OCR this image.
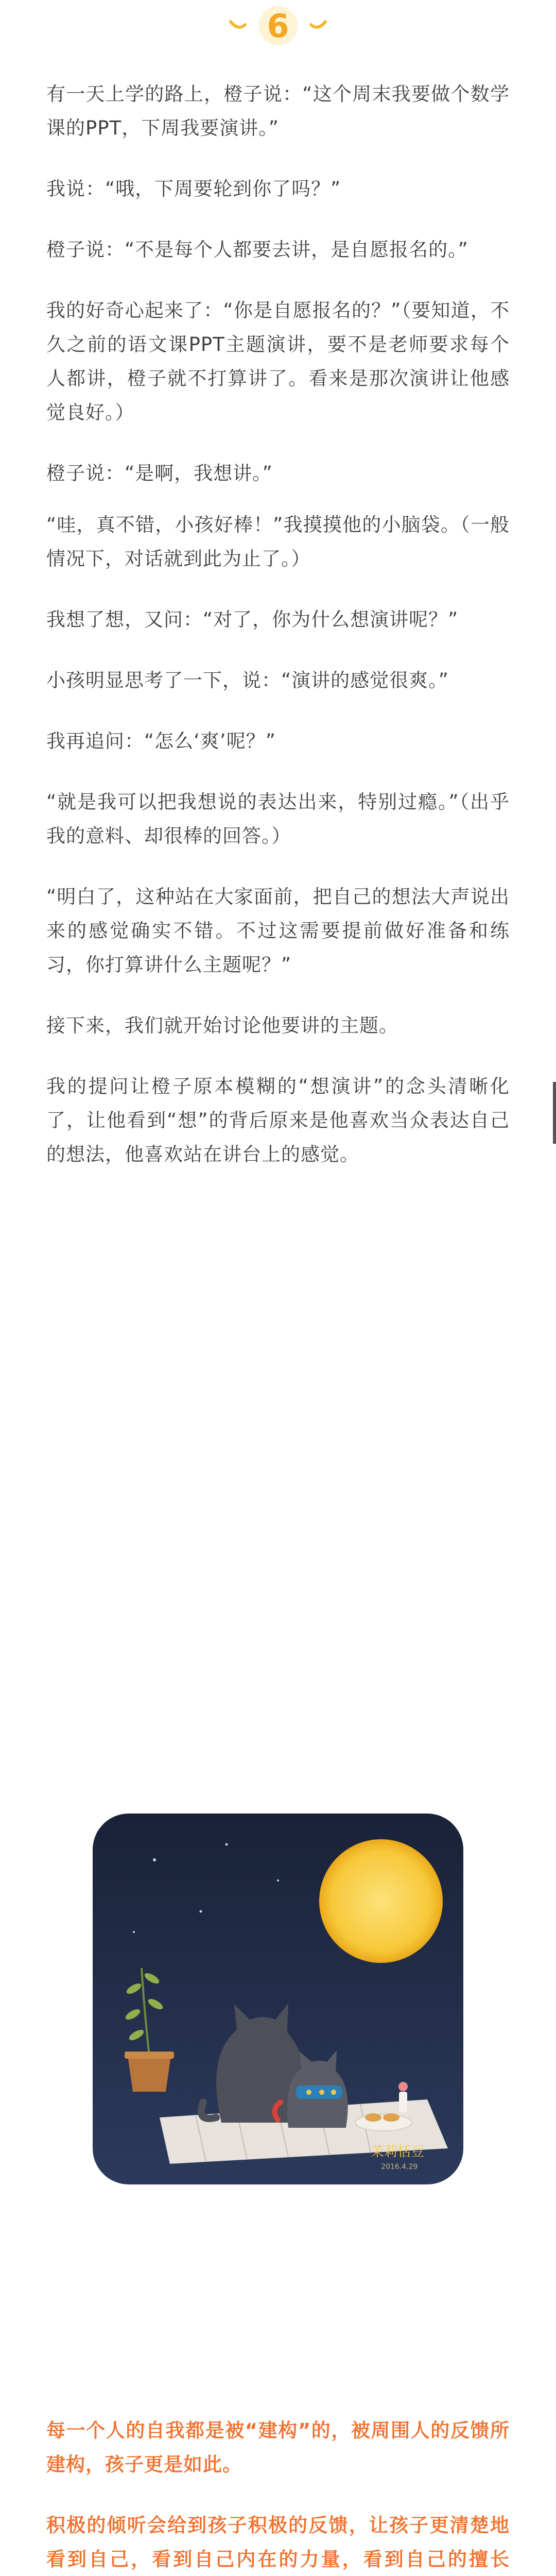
6

有一天上学的路上，橙子说：“这个周末我要做个数学课的PPT，下周我要演讲。”

我说：“哦，下周要轮到你了吗？”

橙子说：“不是每个人都要去讲，是自愿报名的。”

我的好奇心起来了：“你是自愿报名的？”（要知道，不久之前的语文课PPT主题演讲，要不是老师要求每个人都讲，橙子就不打算讲了。看来是那次演讲让他感觉良好。）

橙子说：“是啊，我想讲。”

“哇，真不错，小孩好棒！”我摸摸他的小脑袋。（一般情况下，对话就到此为止了。）

我想了想，又问：“对了，你为什么想演讲呢？”

小孩明显思考了一下，说：“演讲的感觉很爽。”

我再追问：“怎么‘爽’呢？”

“就是我可以把我想说的表达出来，特别过瘾。”（出乎我的意料、却很棒的回答。）

“明白了，这种站在大家面前，把自己的想法大声说出来的感觉确实不错。不过这需要提前做好准备和练习，你打算讲什么主题呢？”

接下来，我们就开始讨论他要讲的主题。

我的提问让橙子原本模糊的“想演讲”的念头清晰化了，让他看到“想”的背后原来是他喜欢当众表达自己的想法，他喜欢站在讲台上的感觉。

茉莉恬豆
2016.4.29

每一个人的自我都是被“建构”的，被周围人的反馈所建构，孩子更是如此。

积极的倾听会给到孩子积极的反馈，让孩子更清楚地看到自己，看到自己内在的力量，看到自己的擅长
